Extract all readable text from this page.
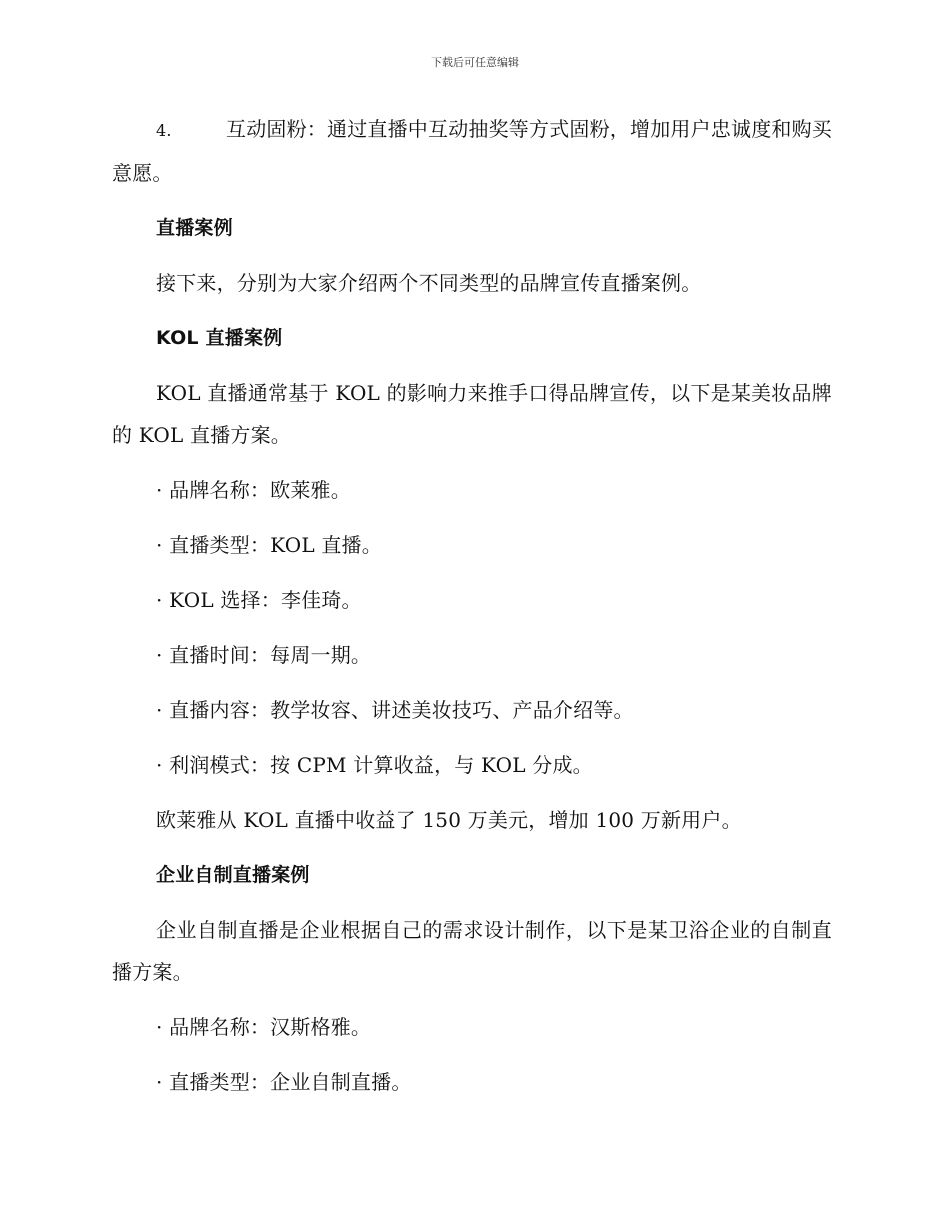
下载后可任意编辑

4.	互动固粉：通过直播中互动抽奖等方式固粉，增加用户忠诚度和购买意愿。

直播案例

接下来，分别为大家介绍两个不同类型的品牌宣传直播案例。

KOL 直播案例

KOL 直播通常基于 KOL 的影响力来推手口得品牌宣传，以下是某美妆品牌的 KOL 直播方案。

· 品牌名称：欧莱雅。

· 直播类型：KOL 直播。

· KOL 选择：李佳琦。

· 直播时间：每周一期。

· 直播内容：教学妆容、讲述美妆技巧、产品介绍等。

· 利润模式：按 CPM 计算收益，与 KOL 分成。

欧莱雅从 KOL 直播中收益了 150 万美元，增加 100 万新用户。

企业自制直播案例

企业自制直播是企业根据自己的需求设计制作，以下是某卫浴企业的自制直播方案。

· 品牌名称：汉斯格雅。

· 直播类型：企业自制直播。
